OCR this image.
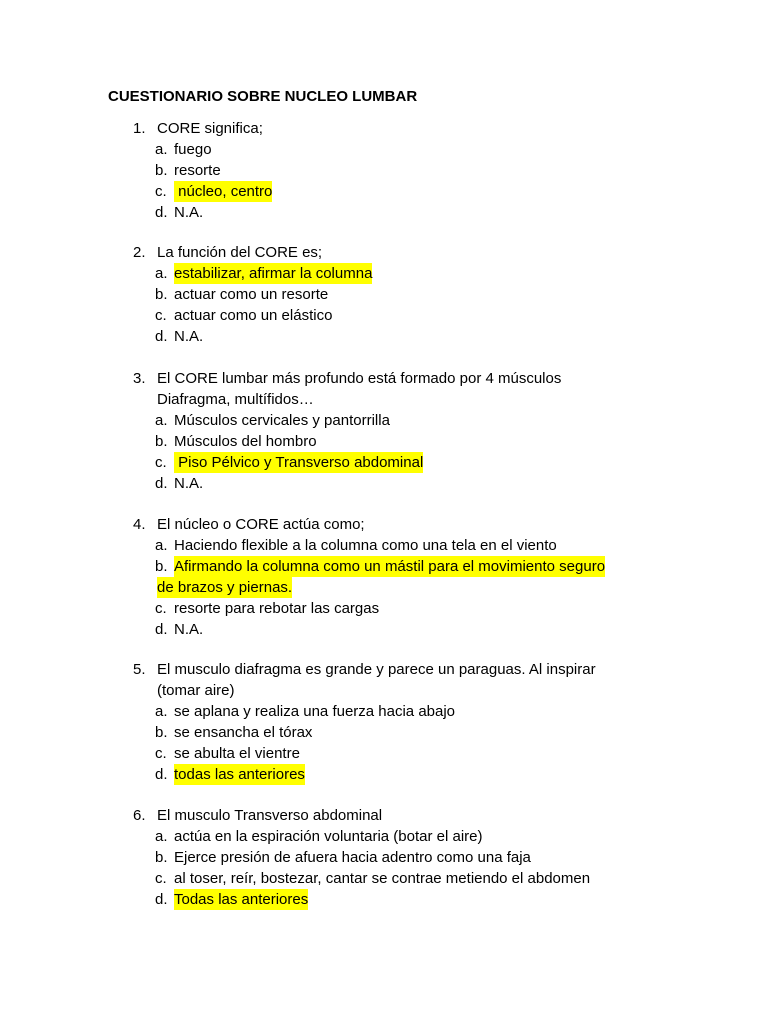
CUESTIONARIO SOBRE NUCLEO LUMBAR
1. CORE significa;
a. fuego
b. resorte
c. núcleo, centro
d. N.A.
2. La función del CORE es;
a. estabilizar, afirmar la columna
b. actuar como un resorte
c. actuar como un elástico
d. N.A.
3. El CORE lumbar más profundo está formado por 4 músculos
Diafragma, multífidos…
a. Músculos cervicales y pantorrilla
b. Músculos del hombro
c. Piso Pélvico y Transverso abdominal
d. N.A.
4. El núcleo o CORE actúa como;
a. Haciendo flexible a la columna como una tela en el viento
b. Afirmando la columna como un mástil para el movimiento seguro
de brazos y piernas.
c. resorte para rebotar las cargas
d. N.A.
5. El musculo diafragma es grande y parece un paraguas. Al inspirar
(tomar aire)
a. se aplana y realiza una fuerza hacia abajo
b. se ensancha el tórax
c. se abulta el vientre
d. todas las anteriores
6. El musculo Transverso abdominal
a. actúa en la espiración voluntaria (botar el aire)
b. Ejerce presión de afuera hacia adentro como una faja
c. al toser, reír, bostezar, cantar se contrae metiendo el abdomen
d. Todas las anteriores
